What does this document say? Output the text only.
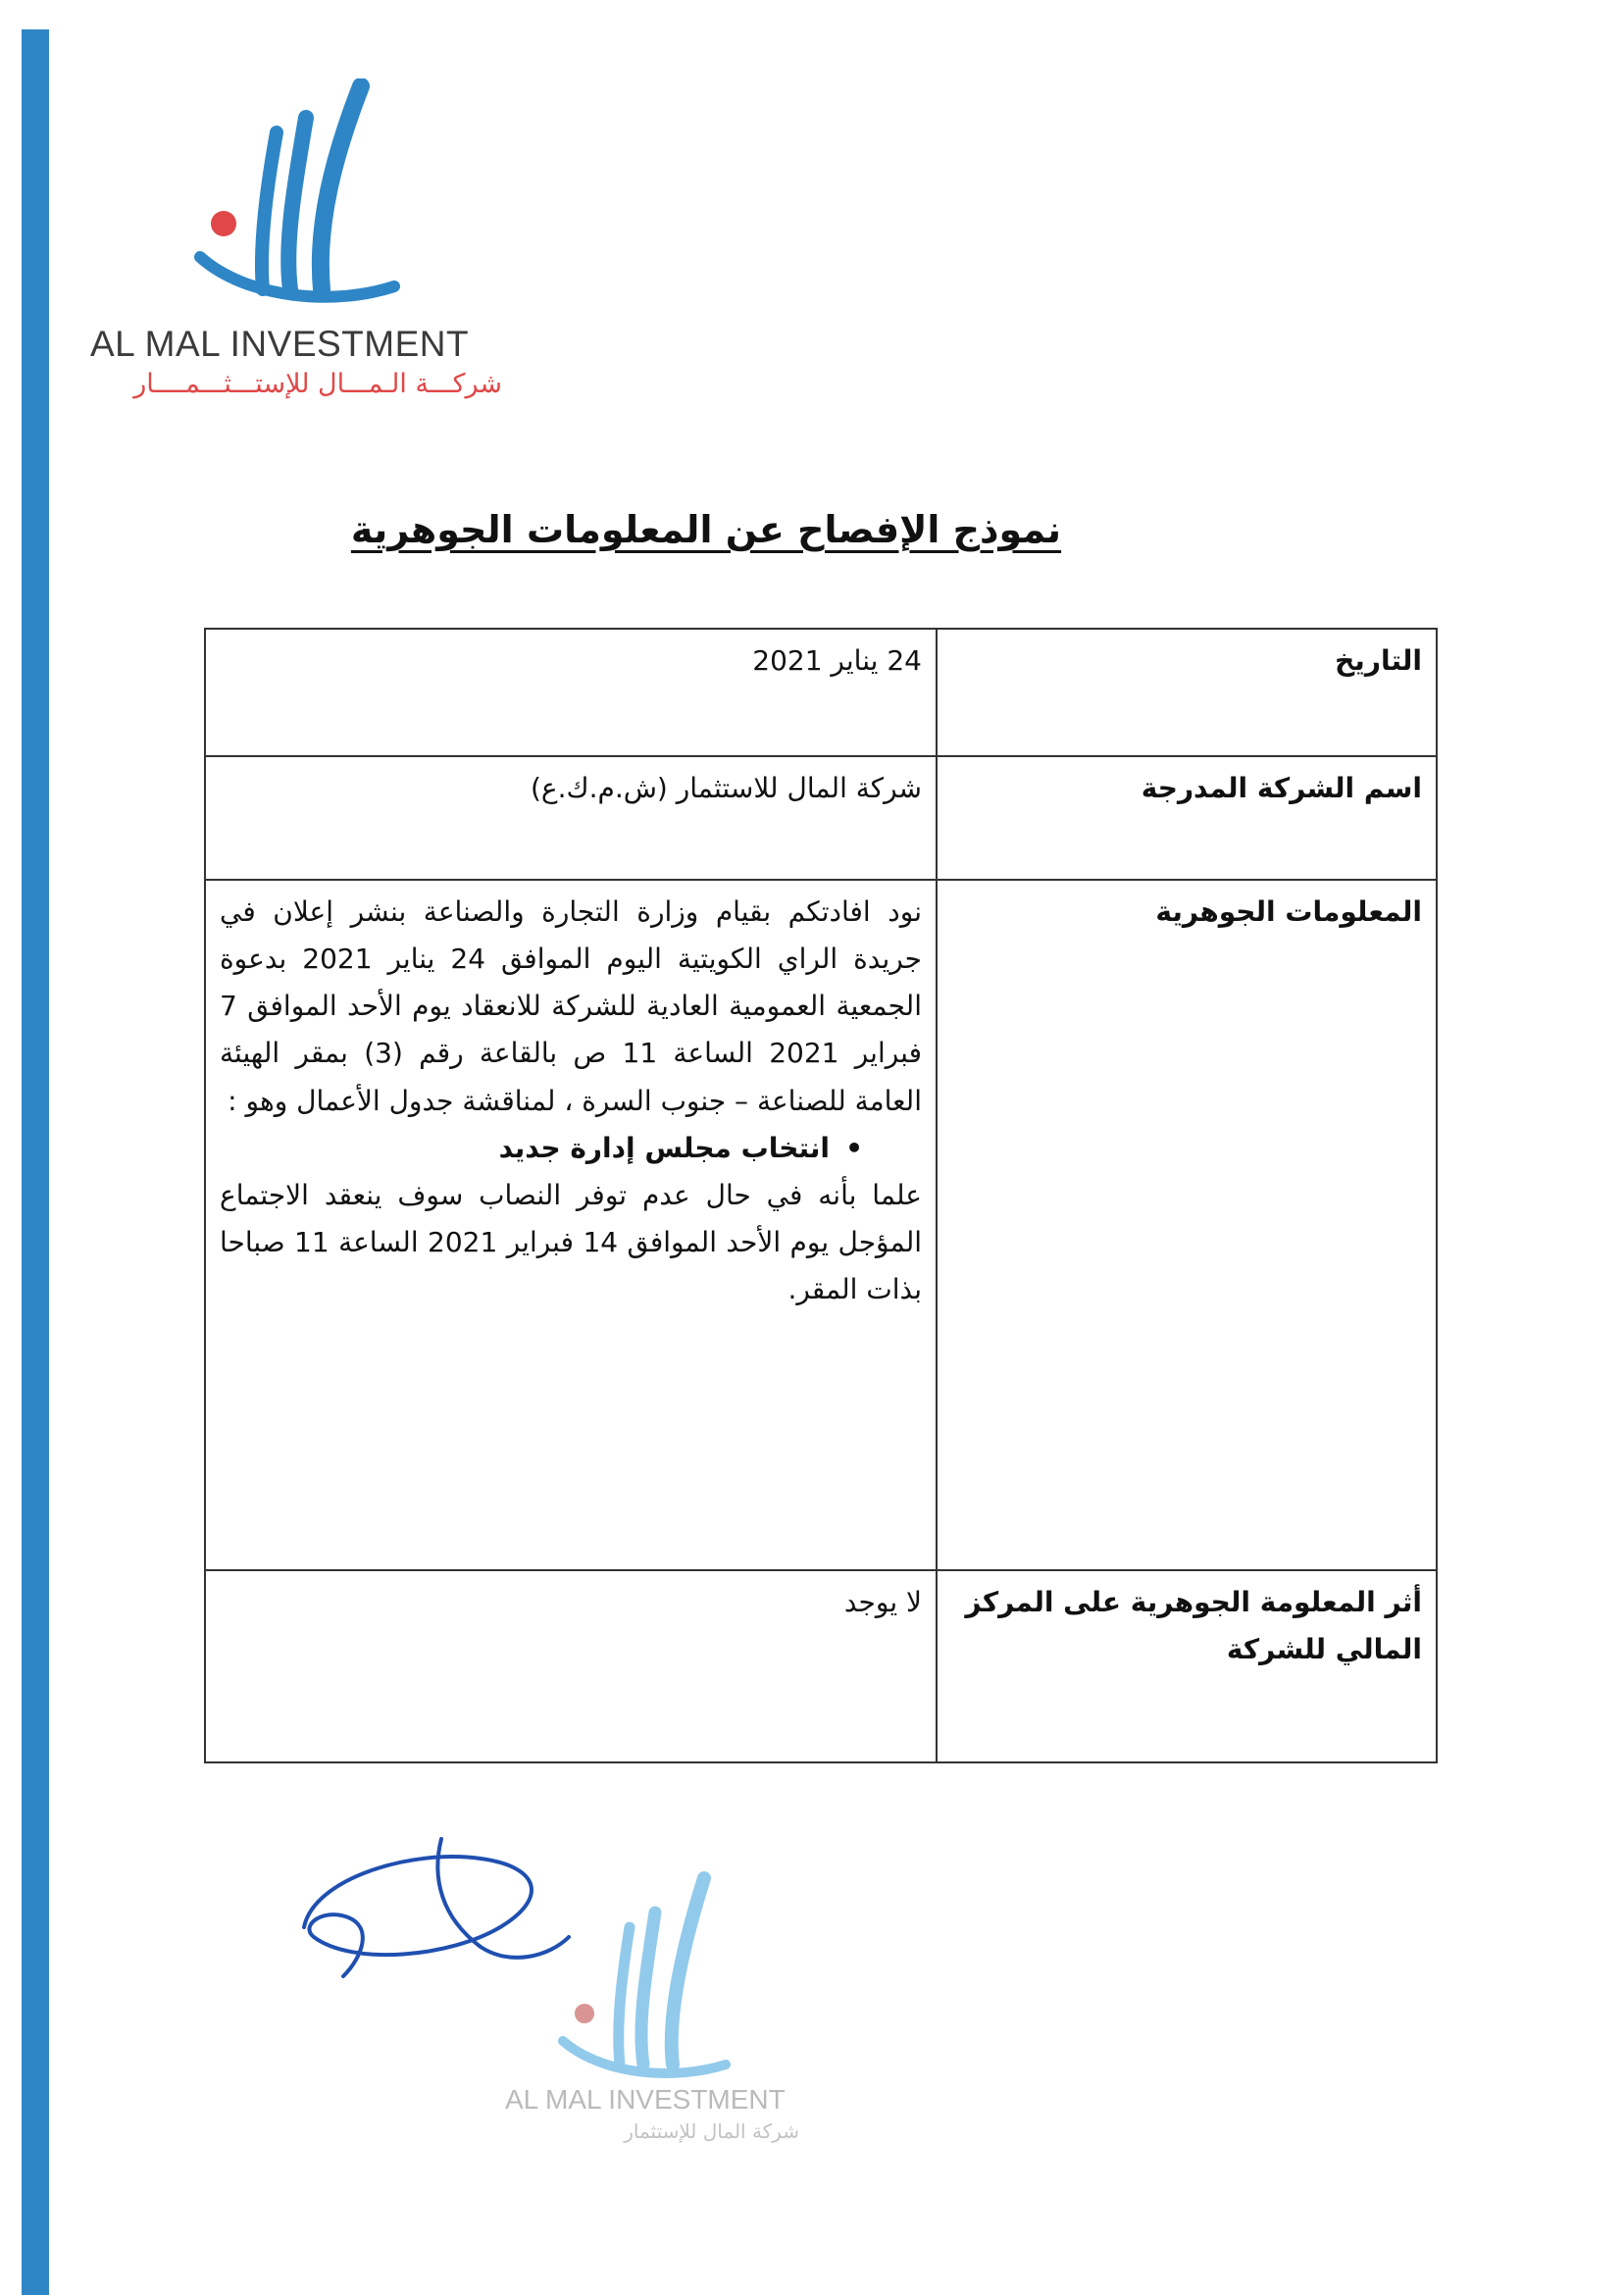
AL MAL INVESTMENT
شركـــة الـمـــال للإستـــثـــمــــار
نموذج الإفصاح عن المعلومات الجوهرية
التاريخ	24 يناير 2021
اسم الشركة المدرجة	شركة المال للاستثمار (ش.م.ك.ع)
المعلومات الجوهرية	نود افادتكم بقيام وزارة التجارة والصناعة بنشر إعلان في جريدة الراي الكويتية اليوم الموافق 24 يناير 2021 بدعوة الجمعية العمومية العادية للشركة للانعقاد يوم الأحد الموافق 7 فبراير 2021 الساعة 11 ص بالقاعة رقم (3) بمقر الهيئة العامة للصناعة – جنوب السرة ، لمناقشة جدول الأعمال وهو :
•انتخاب مجلس إدارة جديد
علما بأنه في حال عدم توفر النصاب سوف ينعقد الاجتماع المؤجل يوم الأحد الموافق 14 فبراير 2021 الساعة 11 صباحا بذات المقر.

أثر المعلومة الجوهرية على المركز المالي للشركة	لا يوجد
AL MAL INVESTMENT
شركة المال للإستثمار
